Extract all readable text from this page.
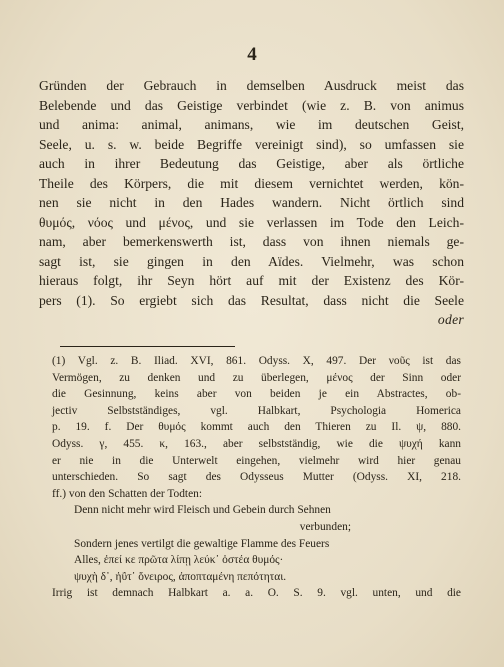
4
Gründen der Gebrauch in demselben Ausdruck meist das
Belebende und das Geistige verbindet (wie z. B. von animus
und anima: animal, animans, wie im deutschen Geist,
Seele, u. s. w. beide Begriffe vereinigt sind), so umfassen sie
auch in ihrer Bedeutung das Geistige, aber als örtliche
Theile des Körpers, die mit diesem vernichtet werden, kön-
nen sie nicht in den Hades wandern. Nicht örtlich sind
θυμός, νόος und μένος, und sie verlassen im Tode den Leich-
nam, aber bemerkenswerth ist, dass von ihnen niemals ge-
sagt ist, sie gingen in den Aïdes. Vielmehr, was schon
hieraus folgt, ihr Seyn hört auf mit der Existenz des Kör-
pers (1). So ergiebt sich das Resultat, dass nicht die Seele
oder
(1) Vgl. z. B. Iliad. XVI, 861. Odyss. X, 497. Der νοῦς ist das
Vermögen, zu denken und zu überlegen, μένος der Sinn oder
die Gesinnung, keins aber von beiden je ein Abstractes, ob-
jectiv Selbstständiges, vgl. Halbkart, Psychologia Homerica
p. 19. f. Der θυμός kommt auch den Thieren zu Il. ψ, 880.
Odyss. γ, 455. κ, 163., aber selbstständig, wie die ψυχή kann
er nie in die Unterwelt eingehen, vielmehr wird hier genau
unterschieden. So sagt des Odysseus Mutter (Odyss. XI, 218.
ff.) von den Schatten der Todten:
Denn nicht mehr wird Fleisch und Gebein durch Sehnen
verbunden;
Sondern jenes vertilgt die gewaltige Flamme des Feuers
Alles, ἐπεί κε πρῶτα λίπῃ λεύκ᾽ ὀστέα θυμός·
ψυχὴ δ᾽, ἠΰτ᾽ ὄνειρος, ἀποπταμένη πεπότηται.
Irrig ist demnach Halbkart a. a. O. S. 9. vgl. unten, und die
